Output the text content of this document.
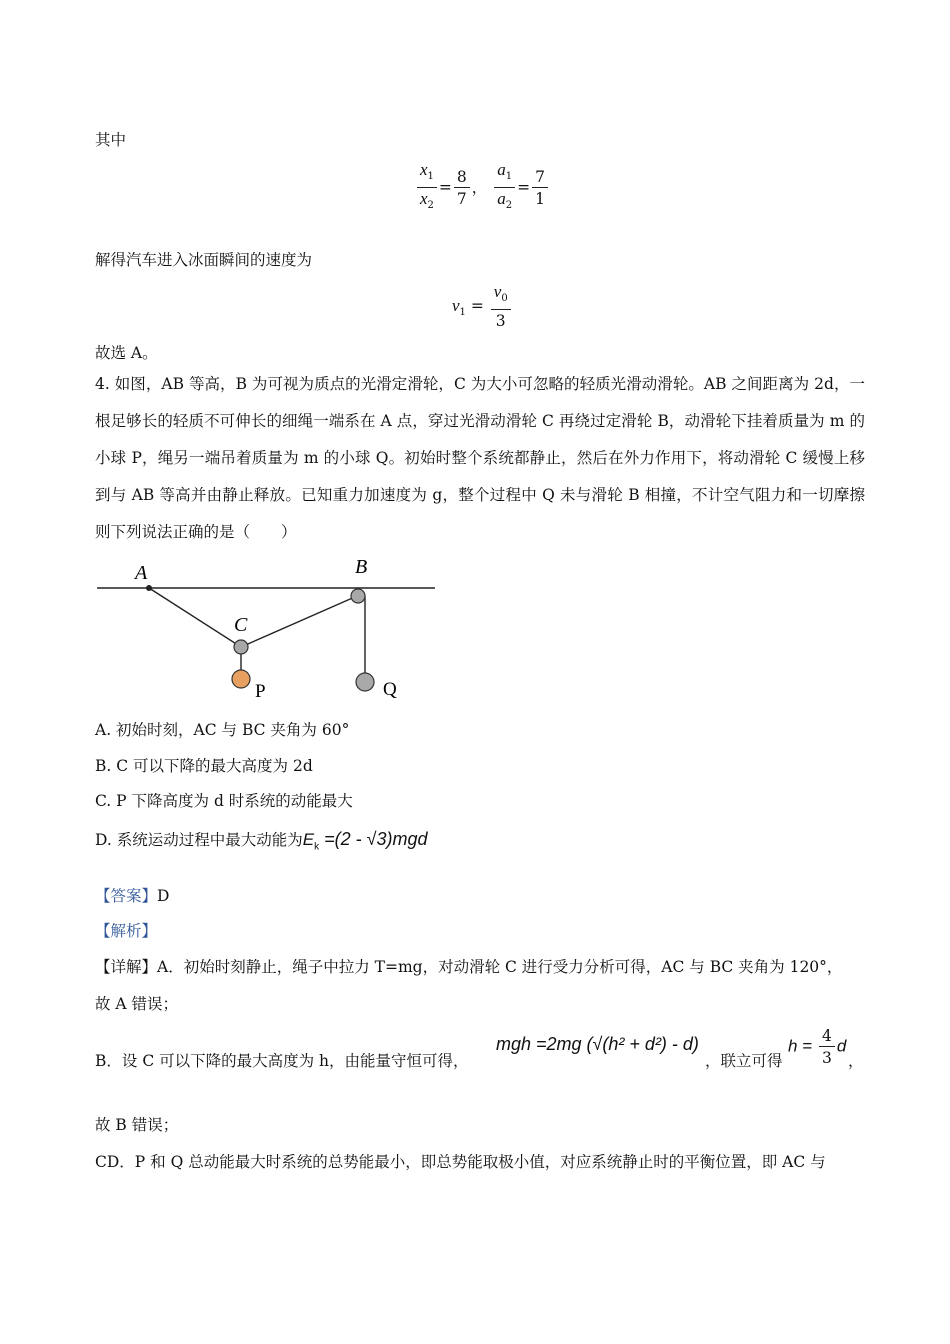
其中
$\frac{x_1}{x_2} = \frac{8}{7}$ ， $\frac{a_1}{a_2} = \frac{7}{1}$
解得汽车进入冰面瞬间的速度为
$v_1 = \frac{v_0}{3}$
故选 A。
4. 如图，AB 等高，B 为可视为质点的光滑定滑轮，C 为大小可忽略的轻质光滑动滑轮。AB 之间距离为 2d，一根足够长的轻质不可伸长的细绳一端系在 A 点，穿过光滑动滑轮 C 再绕过定滑轮 B，动滑轮下挂着质量为 m 的小球 P，绳另一端吊着质量为 m 的小球 Q。初始时整个系统都静止，然后在外力作用下，将动滑轮 C 缓慢上移到与 AB 等高并由静止释放。已知重力加速度为 g，整个过程中 Q 未与滑轮 B 相撞，不计空气阻力和一切摩擦则下列说法正确的是（　　）
A	B
C
P	Q
A. 初始时刻，AC 与 BC 夹角为 60°
B. C 可以下降的最大高度为 2d
C. P 下降高度为 d 时系统的动能最大
D. 系统运动过程中最大动能为$E_k =(2 - √3)mgd$
【答案】D
【解析】
【详解】A．初始时刻静止，绳子中拉力 T=mg，对动滑轮 C 进行受力分析可得，AC 与 BC 夹角为 120°，
故 A 错误；
B．设 C 可以下降的最大高度为 h，由能量守恒可得，
mgh =2mg (√(h² + d²) - d)
，联立可得
$h = \frac{4}{3}$ d
，
故 B 错误；
CD．P 和 Q 总动能最大时系统的总势能最小，即总势能取极小值，对应系统静止时的平衡位置，即 AC 与
